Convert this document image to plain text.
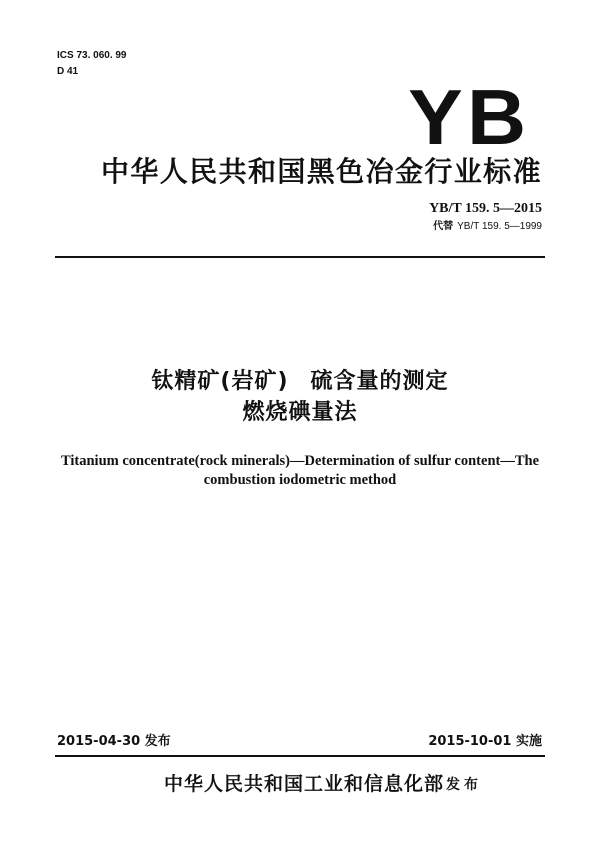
ICS 73. 060. 99
D 41
YB
中华人民共和国黑色冶金行业标准
YB/T 159. 5—2015
代替 YB/T 159. 5—1999
钛精矿(岩矿) 硫含量的测定
燃烧碘量法
Titanium concentrate(rock minerals)—Determination of sulfur content—The
combustion iodometric method
2015-04-30 发布	2015-10-01 实施
中华人民共和国工业和信息化部 发布
